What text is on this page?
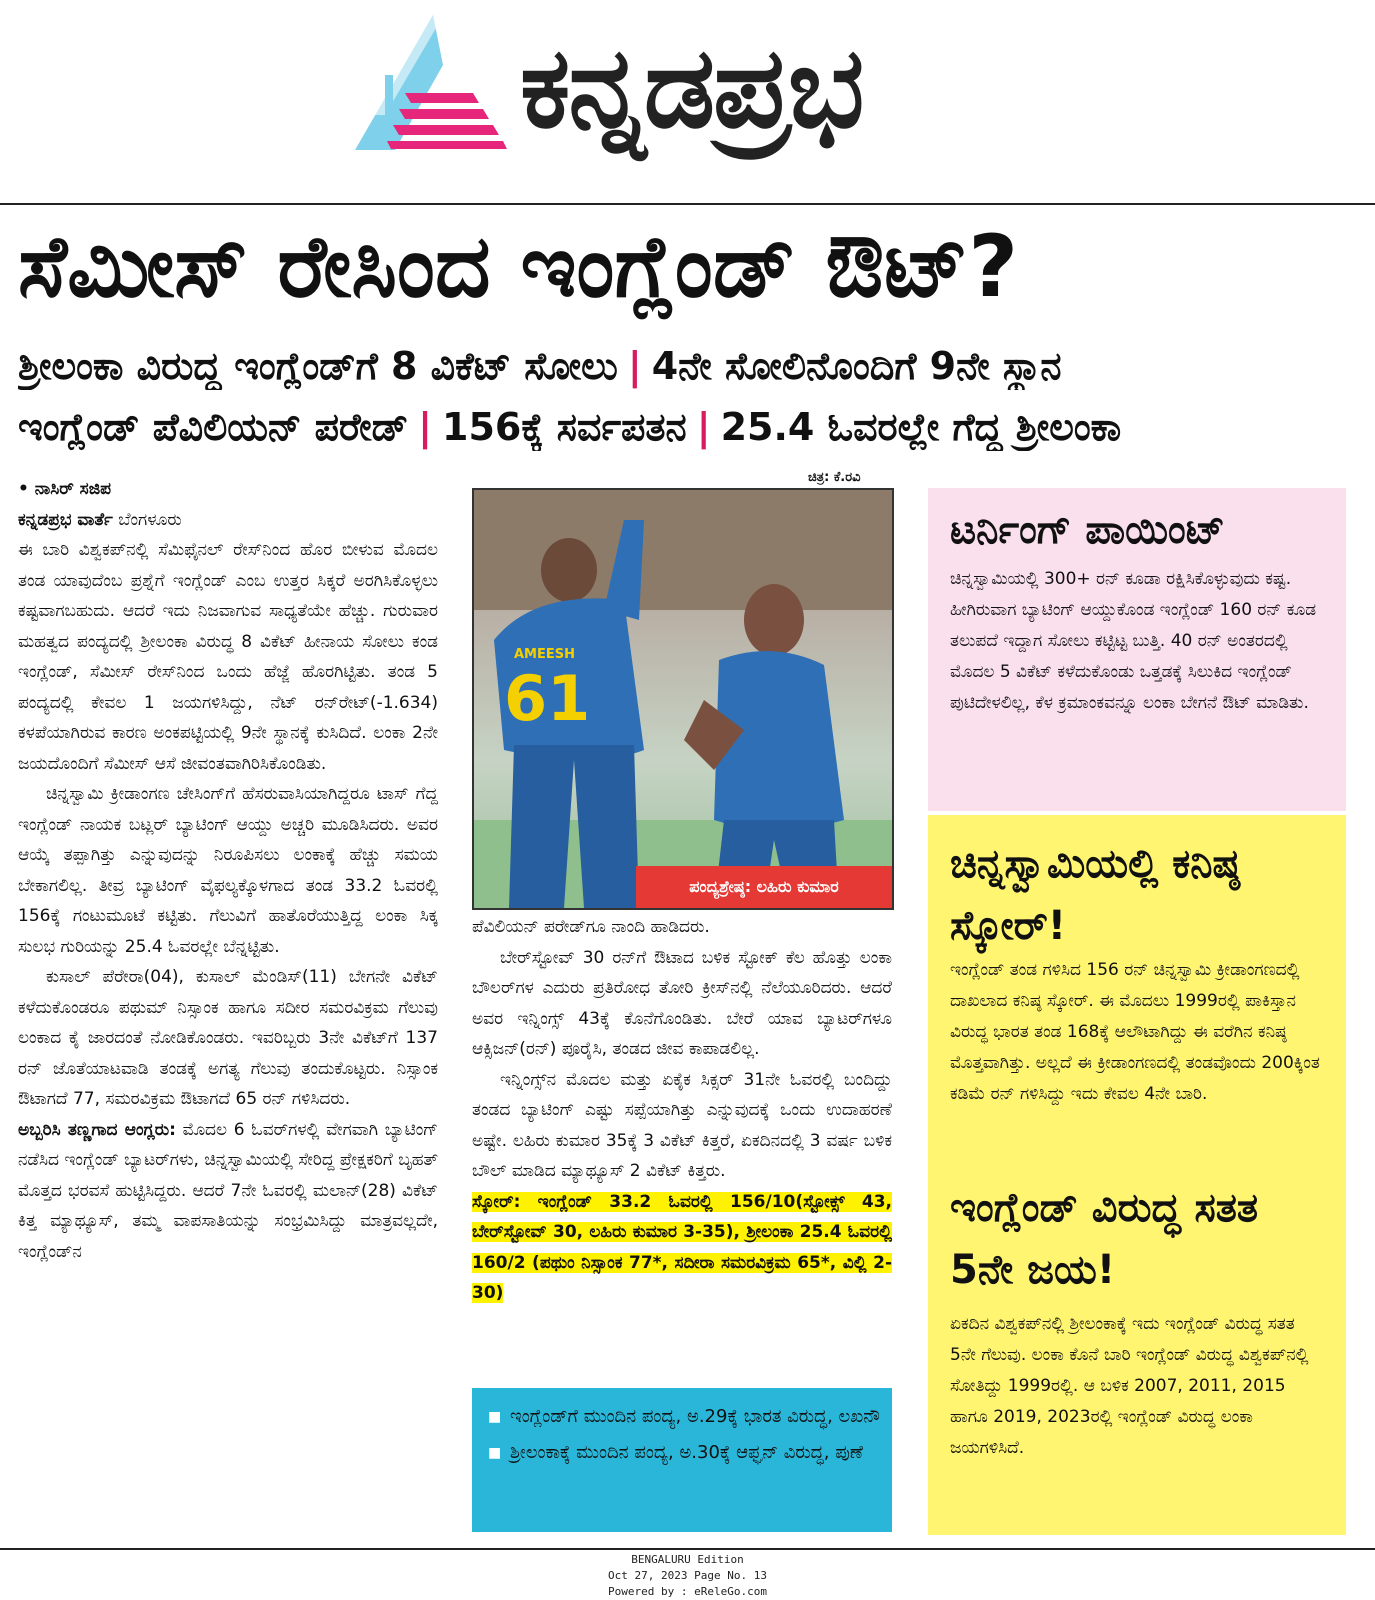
ಕನ್ನಡಪ್ರಭ
ಸೆಮೀಸ್ ರೇಸಿಂದ ಇಂಗ್ಲೆಂಡ್ ಔಟ್?
ಶ್ರೀಲಂಕಾ ವಿರುದ್ಧ ಇಂಗ್ಲೆಂಡ್‌ಗೆ 8 ವಿಕೆಟ್ ಸೋಲು | 4ನೇ ಸೋಲಿನೊಂದಿಗೆ 9ನೇ ಸ್ಥಾನ
ಇಂಗ್ಲೆಂಡ್ ಪೆವಿಲಿಯನ್ ಪರೇಡ್ | 156ಕ್ಕೆ ಸರ್ವಪತನ | 25.4 ಓವರಲ್ಲೇ ಗೆದ್ದ ಶ್ರೀಲಂಕಾ
ಚಿತ್ರ: ಕೆ.ರವಿ

• ನಾಸಿರ್ ಸಜಿಪ

ಕನ್ನಡಪ್ರಭ ವಾರ್ತೆ ಬೆಂಗಳೂರು

ಈ ಬಾರಿ ವಿಶ್ವಕಪ್‌ನಲ್ಲಿ ಸೆಮಿಫೈನಲ್ ರೇಸ್‌ನಿಂದ ಹೊರ ಬೀಳುವ ಮೊದಲ ತಂಡ ಯಾವುದೆಂಬ ಪ್ರಶ್ನೆಗೆ ಇಂಗ್ಲೆಂಡ್ ಎಂಬ ಉತ್ತರ ಸಿಕ್ಕರೆ ಅರಗಿಸಿಕೊಳ್ಳಲು ಕಷ್ಟವಾಗಬಹುದು. ಆದರೆ ಇದು ನಿಜವಾಗುವ ಸಾಧ್ಯತೆಯೇ ಹೆಚ್ಚು. ಗುರುವಾರ ಮಹತ್ವದ ಪಂದ್ಯದಲ್ಲಿ ಶ್ರೀಲಂಕಾ ವಿರುದ್ಧ 8 ವಿಕೆಟ್ ಹೀನಾಯ ಸೋಲು ಕಂಡ ಇಂಗ್ಲೆಂಡ್, ಸೆಮೀಸ್ ರೇಸ್‌ನಿಂದ ಒಂದು ಹೆಜ್ಜೆ ಹೊರಗಿಟ್ಟಿತು. ತಂಡ 5 ಪಂದ್ಯದಲ್ಲಿ ಕೇವಲ 1 ಜಯಗಳಿಸಿದ್ದು, ನೆಟ್ ರನ್‌ರೇಟ್(-1.634) ಕಳಪೆಯಾಗಿರುವ ಕಾರಣ ಅಂಕಪಟ್ಟಿಯಲ್ಲಿ 9ನೇ ಸ್ಥಾನಕ್ಕೆ ಕುಸಿದಿದೆ. ಲಂಕಾ 2ನೇ ಜಯದೊಂದಿಗೆ ಸೆಮೀಸ್ ಆಸೆ ಜೀವಂತವಾಗಿರಿಸಿಕೊಂಡಿತು.

ಚಿನ್ನಸ್ವಾಮಿ ಕ್ರೀಡಾಂಗಣ ಚೇಸಿಂಗ್‌ಗೆ ಹೆಸರುವಾಸಿಯಾಗಿದ್ದರೂ ಟಾಸ್ ಗೆದ್ದ ಇಂಗ್ಲೆಂಡ್ ನಾಯಕ ಬಟ್ಲರ್ ಬ್ಯಾಟಿಂಗ್ ಆಯ್ದು ಅಚ್ಚರಿ ಮೂಡಿಸಿದರು. ಅವರ ಆಯ್ಕೆ ತಪ್ಪಾಗಿತ್ತು ಎನ್ನುವುದನ್ನು ನಿರೂಪಿಸಲು ಲಂಕಾಕ್ಕೆ ಹೆಚ್ಚು ಸಮಯ ಬೇಕಾಗಲಿಲ್ಲ. ತೀವ್ರ ಬ್ಯಾಟಿಂಗ್ ವೈಫಲ್ಯಕ್ಕೊಳಗಾದ ತಂಡ 33.2 ಓವರಲ್ಲಿ 156ಕ್ಕೆ ಗಂಟುಮೂಟೆ ಕಟ್ಟಿತು. ಗೆಲುವಿಗೆ ಹಾತೊರೆಯುತ್ತಿದ್ದ ಲಂಕಾ ಸಿಕ್ಕ ಸುಲಭ ಗುರಿಯನ್ನು 25.4 ಓವರಲ್ಲೇ ಬೆನ್ನಟ್ಟಿತು.

ಕುಸಾಲ್ ಪೆರೇರಾ(04), ಕುಸಾಲ್ ಮೆಂಡಿಸ್(11) ಬೇಗನೇ ವಿಕೆಟ್ ಕಳೆದುಕೊಂಡರೂ ಪಥುಮ್ ನಿಸ್ಸಾಂಕ ಹಾಗೂ ಸದೀರ ಸಮರವಿಕ್ರಮ ಗೆಲುವು ಲಂಕಾದ ಕೈ ಜಾರದಂತೆ ನೋಡಿಕೊಂಡರು. ಇವರಿಬ್ಬರು 3ನೇ ವಿಕೆಟ್‌ಗೆ 137 ರನ್ ಜೊತೆಯಾಟವಾಡಿ ತಂಡಕ್ಕೆ ಅಗತ್ಯ ಗೆಲುವು ತಂದುಕೊಟ್ಟರು. ನಿಸ್ಸಾಂಕ ಔಟಾಗದೆ 77, ಸಮರವಿಕ್ರಮ ಔಟಾಗದೆ 65 ರನ್ ಗಳಿಸಿದರು.

ಅಬ್ಬರಿಸಿ ತಣ್ಣಗಾದ ಆಂಗ್ಲರು: ಮೊದಲ 6 ಓವರ್‌ಗಳಲ್ಲಿ ವೇಗವಾಗಿ ಬ್ಯಾಟಿಂಗ್ ನಡೆಸಿದ ಇಂಗ್ಲೆಂಡ್ ಬ್ಯಾಟರ್‌ಗಳು, ಚಿನ್ನಸ್ವಾಮಿಯಲ್ಲಿ ಸೇರಿದ್ದ ಪ್ರೇಕ್ಷಕರಿಗೆ ಬೃಹತ್ ಮೊತ್ತದ ಭರವಸೆ ಹುಟ್ಟಿಸಿದ್ದರು. ಆದರೆ 7ನೇ ಓವರಲ್ಲಿ ಮಲಾನ್(28) ವಿಕೆಟ್ ಕಿತ್ತ ಮ್ಯಾಥ್ಯೂಸ್, ತಮ್ಮ ವಾಪಸಾತಿಯನ್ನು ಸಂಭ್ರಮಿಸಿದ್ದು ಮಾತ್ರವಲ್ಲದೇ, ಇಂಗ್ಲೆಂಡ್‌ನ

AMEESH
61
ಪಂದ್ಯಶ್ರೇಷ್ಠ: ಲಹಿರು ಕುಮಾರ

ಪೆವಿಲಿಯನ್ ಪರೇಡ್‌ಗೂ ನಾಂದಿ ಹಾಡಿದರು.

ಬೇರ್‌ಸ್ಟೋವ್ 30 ರನ್‌ಗೆ ಔಟಾದ ಬಳಿಕ ಸ್ಟೋಕ್ ಕೆಲ ಹೊತ್ತು ಲಂಕಾ ಬೌಲರ್‌ಗಳ ಎದುರು ಪ್ರತಿರೋಧ ತೋರಿ ಕ್ರೀಸ್‌ನಲ್ಲಿ ನೆಲೆಯೂರಿದರು. ಆದರೆ ಅವರ ಇನ್ನಿಂಗ್ಸ್ 43ಕ್ಕೆ ಕೊನೆಗೊಂಡಿತು. ಬೇರೆ ಯಾವ ಬ್ಯಾಟರ್‌ಗಳೂ ಆಕ್ಸಿಜನ್(ರನ್) ಪೂರೈಸಿ, ತಂಡದ ಜೀವ ಕಾಪಾಡಲಿಲ್ಲ.

ಇನ್ನಿಂಗ್ಸ್‌ನ ಮೊದಲ ಮತ್ತು ಏಕೈಕ ಸಿಕ್ಸರ್ 31ನೇ ಓವರಲ್ಲಿ ಬಂದಿದ್ದು ತಂಡದ ಬ್ಯಾಟಿಂಗ್ ಎಷ್ಟು ಸಪ್ಪೆಯಾಗಿತ್ತು ಎನ್ನುವುದಕ್ಕೆ ಒಂದು ಉದಾಹರಣೆ ಅಷ್ಟೇ. ಲಹಿರು ಕುಮಾರ 35ಕ್ಕೆ 3 ವಿಕೆಟ್ ಕಿತ್ತರೆ, ಏಕದಿನದಲ್ಲಿ 3 ವರ್ಷ ಬಳಿಕ ಬೌಲ್ ಮಾಡಿದ ಮ್ಯಾಥ್ಯೂಸ್ 2 ವಿಕೆಟ್ ಕಿತ್ತರು.

ಸ್ಕೋರ್: ಇಂಗ್ಲೆಂಡ್ 33.2 ಓವರಲ್ಲಿ 156/10(ಸ್ಟೋಕ್ಸ್ 43, ಬೇರ್‌ಸ್ಟೋವ್ 30, ಲಹಿರು ಕುಮಾರ 3-35), ಶ್ರೀಲಂಕಾ 25.4 ಓವರಲ್ಲಿ 160/2 (ಪಥುಂ ನಿಸ್ಸಾಂಕ 77*, ಸದೀರಾ ಸಮರವಿಕ್ರಮ 65*, ವಿಲ್ಲಿ 2-30)

■ ಇಂಗ್ಲೆಂಡ್‌ಗೆ ಮುಂದಿನ ಪಂದ್ಯ, ಅ.29ಕ್ಕೆ ಭಾರತ ವಿರುದ್ಧ, ಲಖನೌ
■ ಶ್ರೀಲಂಕಾಕ್ಕೆ ಮುಂದಿನ ಪಂದ್ಯ, ಅ.30ಕ್ಕೆ ಆಫ್ಘನ್ ವಿರುದ್ಧ, ಪುಣೆ
ಟರ್ನಿಂಗ್ ಪಾಯಿಂಟ್
ಚಿನ್ನಸ್ವಾಮಿಯಲ್ಲಿ 300+ ರನ್ ಕೂಡಾ ರಕ್ಷಿಸಿಕೊಳ್ಳುವುದು ಕಷ್ಟ. ಹೀಗಿರುವಾಗ ಬ್ಯಾಟಿಂಗ್ ಆಯ್ದುಕೊಂಡ ಇಂಗ್ಲೆಂಡ್ 160 ರನ್ ಕೂಡ ತಲುಪದೆ ಇದ್ದಾಗ ಸೋಲು ಕಟ್ಟಿಟ್ಟ ಬುತ್ತಿ. 40 ರನ್ ಅಂತರದಲ್ಲಿ ಮೊದಲ 5 ವಿಕೆಟ್ ಕಳೆದುಕೊಂಡು ಒತ್ತಡಕ್ಕೆ ಸಿಲುಕಿದ ಇಂಗ್ಲೆಂಡ್ ಪುಟಿದೇಳಲಿಲ್ಲ, ಕೆಳ ಕ್ರಮಾಂಕವನ್ನೂ ಲಂಕಾ ಬೇಗನೆ ಔಟ್ ಮಾಡಿತು.
ಚಿನ್ನಸ್ವಾಮಿಯಲ್ಲಿ ಕನಿಷ್ಠ ಸ್ಕೋರ್!
ಇಂಗ್ಲೆಂಡ್ ತಂಡ ಗಳಿಸಿದ 156 ರನ್ ಚಿನ್ನಸ್ವಾಮಿ ಕ್ರೀಡಾಂಗಣದಲ್ಲಿ ದಾಖಲಾದ ಕನಿಷ್ಠ ಸ್ಕೋರ್. ಈ ಮೊದಲು 1999ರಲ್ಲಿ ಪಾಕಿಸ್ತಾನ ವಿರುದ್ಧ ಭಾರತ ತಂಡ 168ಕ್ಕೆ ಆಲೌಟಾಗಿದ್ದು ಈ ವರೆಗಿನ ಕನಿಷ್ಠ ಮೊತ್ತವಾಗಿತ್ತು. ಅಲ್ಲದೆ ಈ ಕ್ರೀಡಾಂಗಣದಲ್ಲಿ ತಂಡವೊಂದು 200ಕ್ಕಿಂತ ಕಡಿಮೆ ರನ್ ಗಳಿಸಿದ್ದು ಇದು ಕೇವಲ 4ನೇ ಬಾರಿ.
ಇಂಗ್ಲೆಂಡ್ ವಿರುದ್ಧ ಸತತ 5ನೇ ಜಯ!
ಏಕದಿನ ವಿಶ್ವಕಪ್‌ನಲ್ಲಿ ಶ್ರೀಲಂಕಾಕ್ಕೆ ಇದು ಇಂಗ್ಲೆಂಡ್ ವಿರುದ್ಧ ಸತತ 5ನೇ ಗೆಲುವು. ಲಂಕಾ ಕೊನೆ ಬಾರಿ ಇಂಗ್ಲೆಂಡ್ ವಿರುದ್ಧ ವಿಶ್ವಕಪ್‌ನಲ್ಲಿ ಸೋತಿದ್ದು 1999ರಲ್ಲಿ. ಆ ಬಳಿಕ 2007, 2011, 2015 ಹಾಗೂ 2019, 2023ರಲ್ಲಿ ಇಂಗ್ಲೆಂಡ್ ವಿರುದ್ಧ ಲಂಕಾ ಜಯಗಳಿಸಿದೆ.
BENGALURU Edition
Oct 27, 2023 Page No. 13
Powered by : eReleGo.com
